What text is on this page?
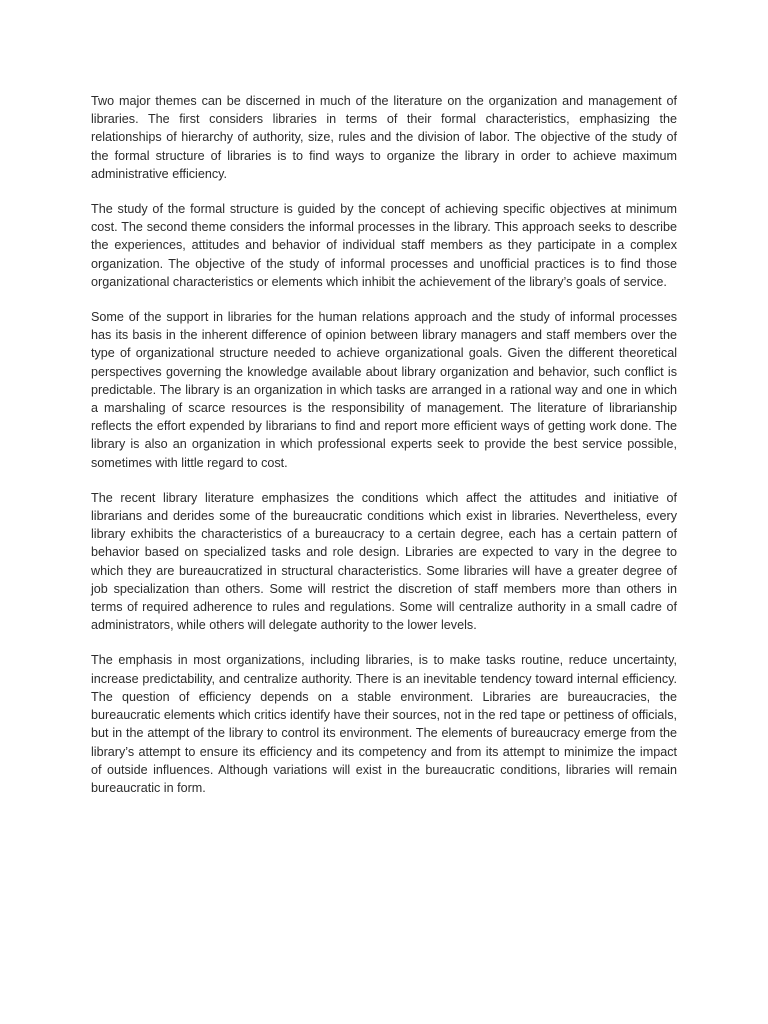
Two major themes can be discerned in much of the literature on the organization and management of libraries. The first considers libraries in terms of their formal characteristics, emphasizing the relationships of hierarchy of authority, size, rules and the division of labor. The objective of the study of the formal structure of libraries is to find ways to organize the library in order to achieve maximum administrative efficiency.

The study of the formal structure is guided by the concept of achieving specific objectives at minimum cost. The second theme considers the informal processes in the library. This approach seeks to describe the experiences, attitudes and behavior of individual staff members as they participate in a complex organization. The objective of the study of informal processes and unofficial practices is to find those organizational characteristics or elements which inhibit the achievement of the library’s goals of service.

Some of the support in libraries for the human relations approach and the study of informal processes has its basis in the inherent difference of opinion between library managers and staff members over the type of organizational structure needed to achieve organizational goals. Given the different theoretical perspectives governing the knowledge available about library organization and behavior, such conflict is predictable. The library is an organization in which tasks are arranged in a rational way and one in which a marshaling of scarce resources is the responsibility of management. The literature of librarianship reflects the effort expended by librarians to find and report more efficient ways of getting work done. The library is also an organization in which professional experts seek to provide the best service possible, sometimes with little regard to cost.

The recent library literature emphasizes the conditions which affect the attitudes and initiative of librarians and derides some of the bureaucratic conditions which exist in libraries. Nevertheless, every library exhibits the characteristics of a bureaucracy to a certain degree, each has a certain pattern of behavior based on specialized tasks and role design. Libraries are expected to vary in the degree to which they are bureaucratized in structural characteristics. Some libraries will have a greater degree of job specialization than others. Some will restrict the discretion of staff members more than others in terms of required adherence to rules and regulations. Some will centralize authority in a small cadre of administrators, while others will delegate authority to the lower levels.

The emphasis in most organizations, including libraries, is to make tasks routine, reduce uncertainty, increase predictability, and centralize authority. There is an inevitable tendency toward internal efficiency. The question of efficiency depends on a stable environment. Libraries are bureaucracies, the bureaucratic elements which critics identify have their sources, not in the red tape or pettiness of officials, but in the attempt of the library to control its environment. The elements of bureaucracy emerge from the library’s attempt to ensure its efficiency and its competency and from its attempt to minimize the impact of outside influences. Although variations will exist in the bureaucratic conditions, libraries will remain bureaucratic in form.
